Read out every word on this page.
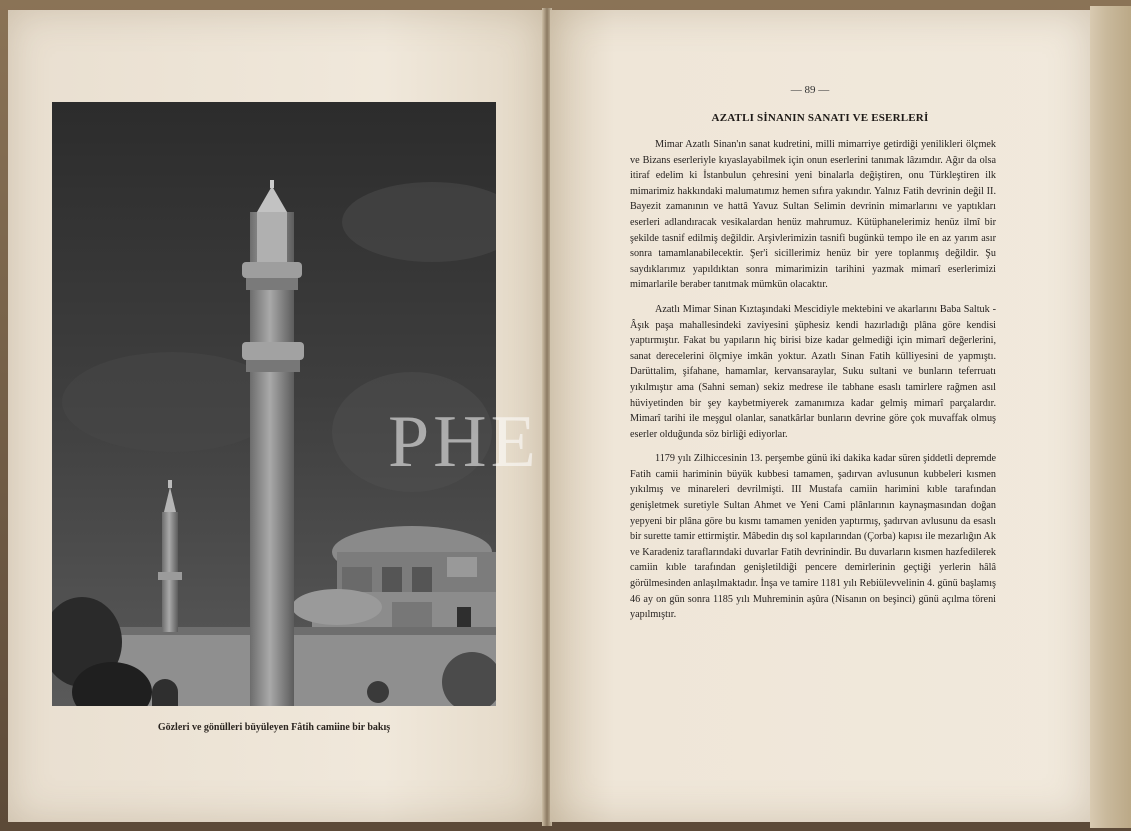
Gözleri ve gönülleri büyüleyen Fâtih camiine bir bakış
— 89 —
AZATLI SİNANIN SANATI VE ESERLERİ

Mimar Azatlı Sinan'ın sanat kudretini, milli mimarriye getirdiği yenilikleri ölçmek ve Bizans eserleriyle kıyaslayabilmek için onun eserlerini tanımak lâzımdır. Ağır da olsa itiraf edelim ki İstanbulun çehresini yeni binalarla değiştiren, onu Türkleştiren ilk mimarimiz hakkındaki malumatımız hemen sıfıra yakındır. Yalnız Fatih devrinin değil II. Bayezit zamanının ve hattâ Yavuz Sultan Selimin devrinin mimarlarını ve yaptıkları eserleri adlandıracak vesikalardan henüz mahrumuz. Kütüphanelerimiz henüz ilmî bir şekilde tasnif edilmiş değildir. Arşivlerimizin tasnifi bugünkü tempo ile en az yarım asır sonra tamamlanabilecektir. Şer'i sicillerimiz henüz bir yere toplanmış değildir. Şu saydıklarımız yapıldıktan sonra mimarimizin tarihini yazmak mimarî eserlerimizi mimarlarile beraber tanıtmak mümkün olacaktır.

Azatlı Mimar Sinan Kıztaşındaki Mescidiyle mektebini ve akarlarını Baba Saltuk - Âşık paşa mahallesindeki zaviyesini şüphesiz kendi hazırladığı plâna göre kendisi yaptırmıştır. Fakat bu yapıların hiç birisi bize kadar gelmediği için mimarî değerlerini, sanat derecelerini ölçmiye imkân yoktur. Azatlı Sinan Fatih külliyesini de yapmıştı. Darüttalim, şifahane, hamamlar, kervansaraylar, Suku sultani ve bunların teferruatı yıkılmıştır ama (Sahni seman) sekiz medrese ile tabhane esaslı tamirlere rağmen asıl hüviyetinden bir şey kaybetmiyerek zamanımıza kadar gelmiş mimarî parçalardır. Mimarî tarihi ile meşgul olanlar, sanatkârlar bunların devrine göre çok muvaffak olmuş eserler olduğunda söz birliği ediyorlar.

1179 yılı Zilhiccesinin 13. perşembe günü iki dakika kadar süren şiddetli depremde Fatih camii hariminin büyük kubbesi tamamen, şadırvan avlusunun kubbeleri kısmen yıkılmış ve minareleri devrilmişti. III Mustafa camiin harimini kıble tarafından genişletmek suretiyle Sultan Ahmet ve Yeni Cami plânlarının kaynaşmasından doğan yepyeni bir plâna göre bu kısmı tamamen yeniden yaptırmış, şadırvan avlusunu da esaslı bir surette tamir ettirmiştir. Mâbedin dış sol kapılarından (Çorba) kapısı ile mezarlığın Ak ve Karadeniz taraflarındaki duvarlar Fatih devrinindir. Bu duvarların kısmen hazfedilerek camiin kıble tarafından genişletildiği pencere demirlerinin geçtiği yerlerin hâlâ görülmesinden anlaşılmaktadır. İnşa ve tamire 1181 yılı Rebiülevvelinin 4. günü başlamış 46 ay on gün sonra 1185 yılı Muhreminin aşûra (Nisanın on beşinci) günü açılma töreni yapılmıştır.

PHE
